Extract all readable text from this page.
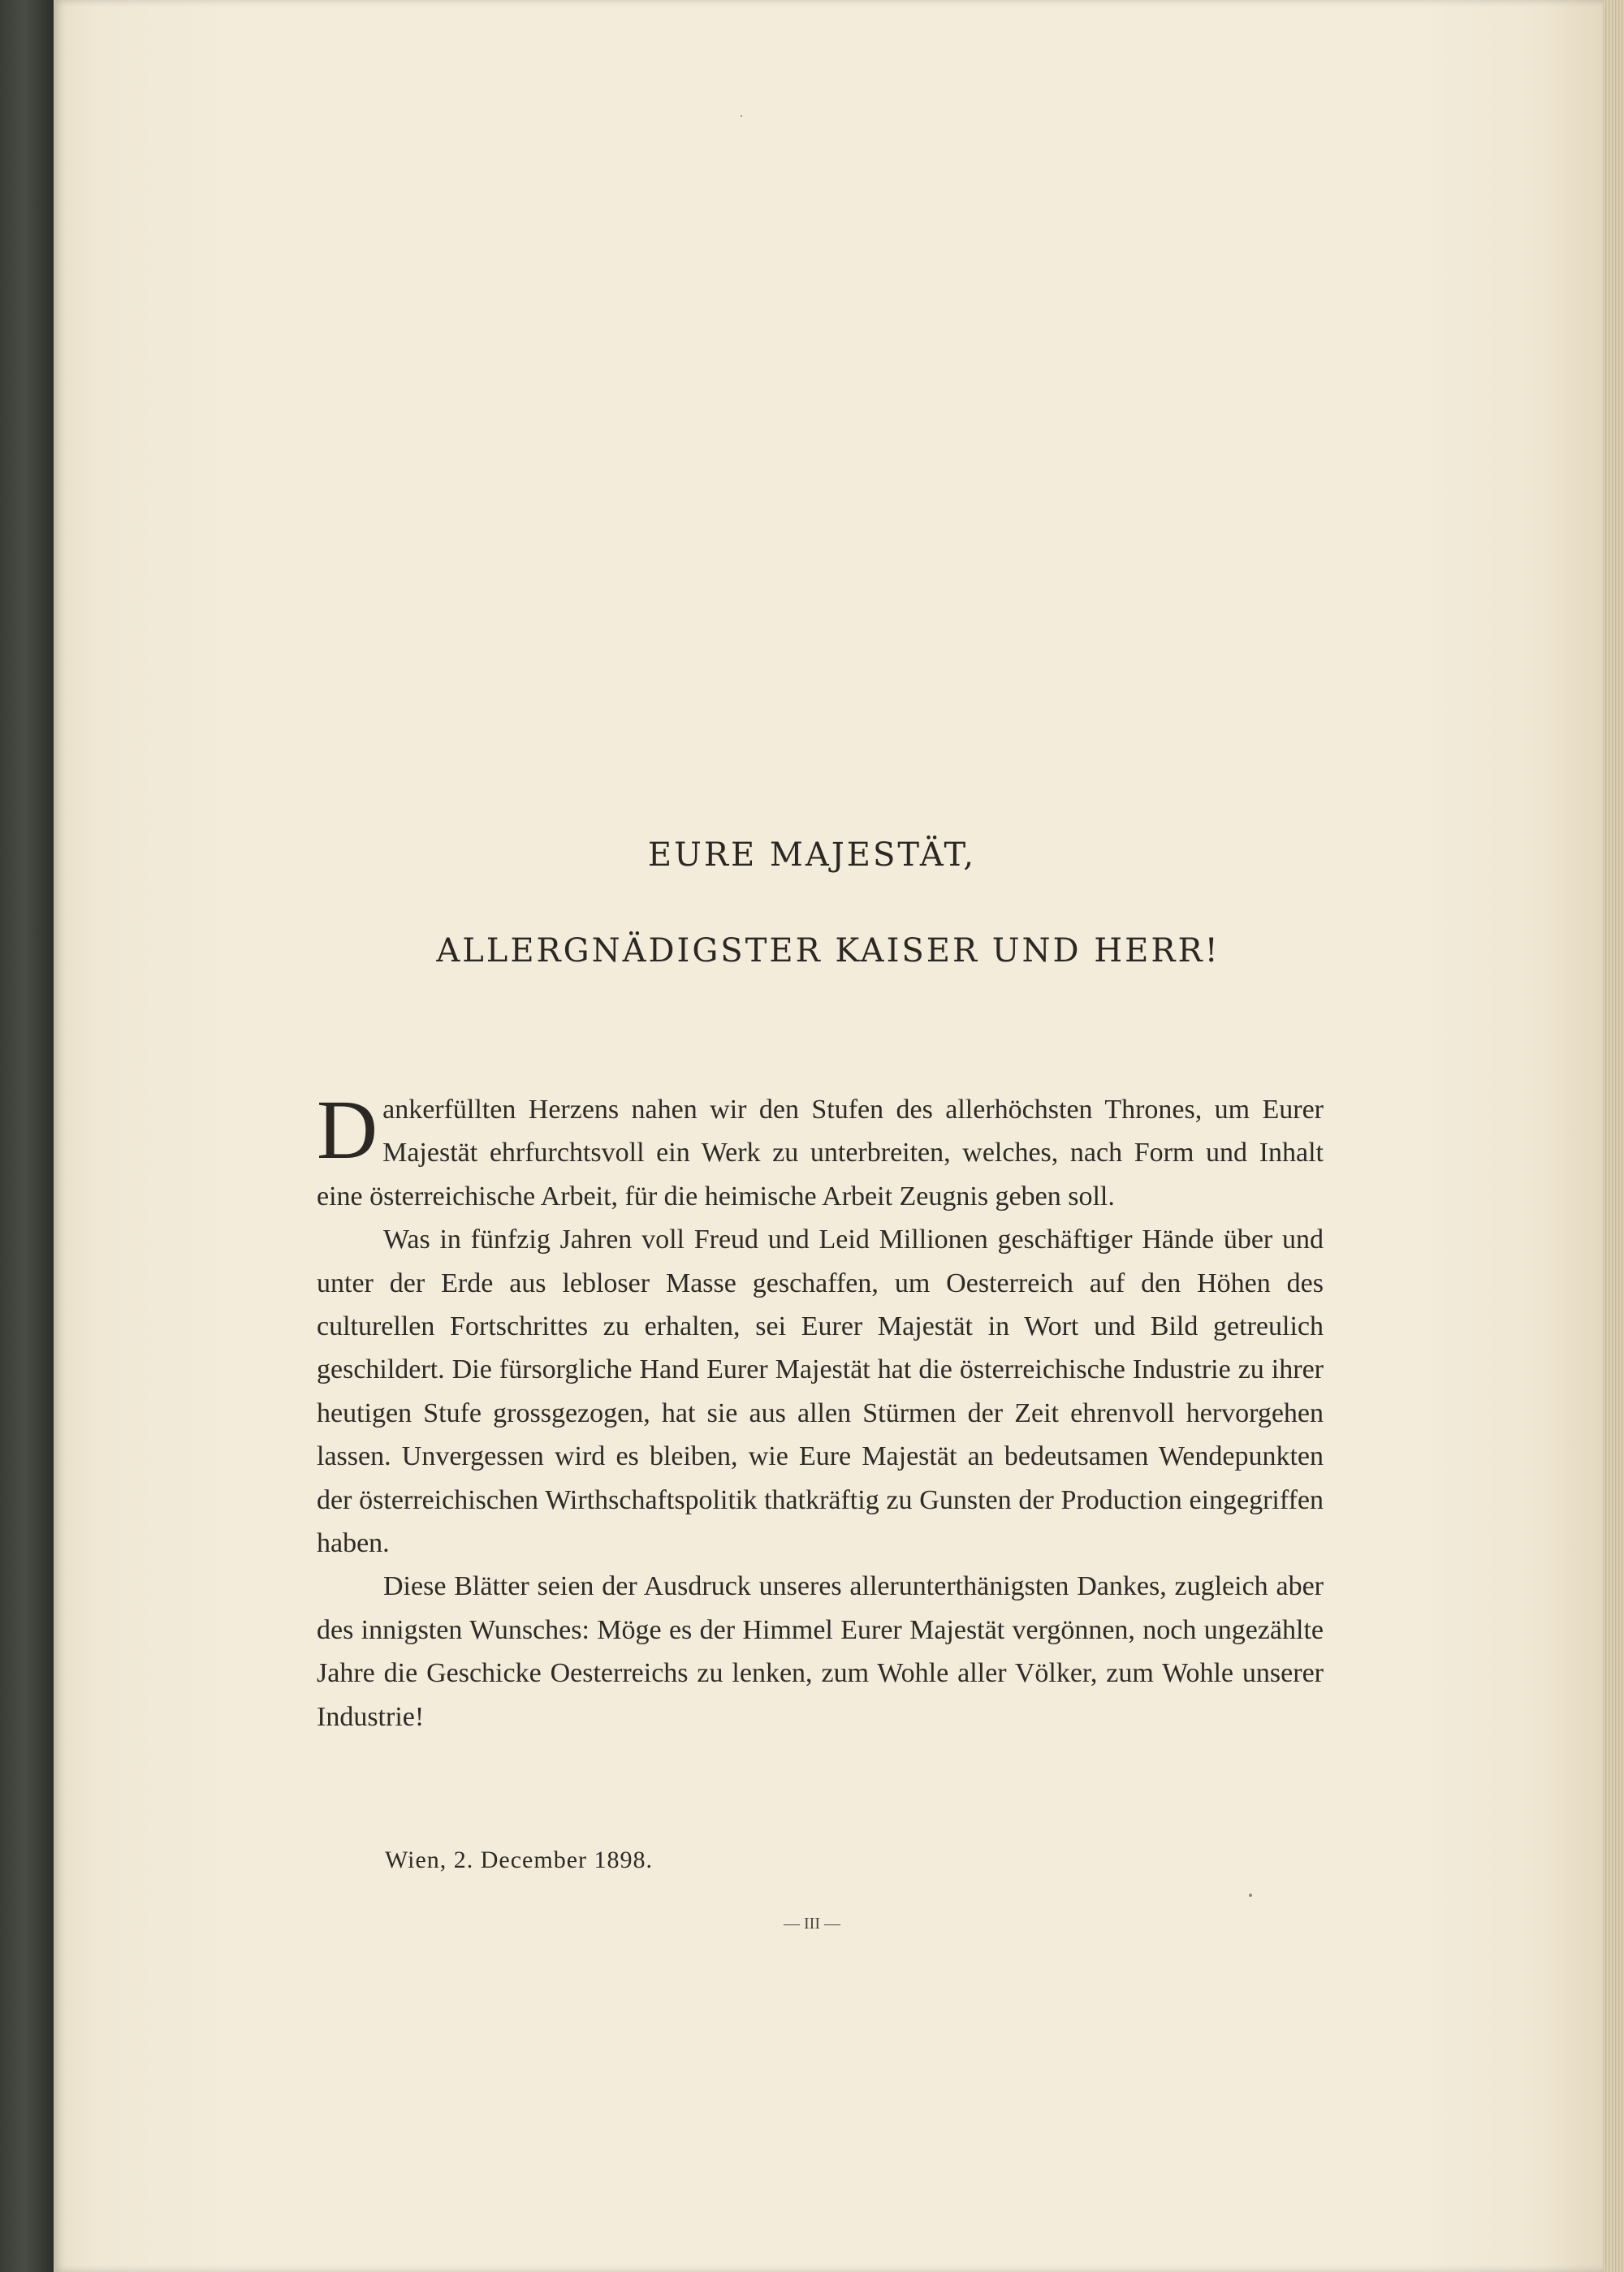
EURE MAJESTÄT,
ALLERGNÄDIGSTER KAISER UND HERR!

Dankerfüllten Herzens nahen wir den Stufen des allerhöchsten Thrones, um Eurer Majestät ehrfurchtsvoll ein Werk zu unterbreiten, welches, nach Form und Inhalt eine österreichische Arbeit, für die heimische Arbeit Zeugnis geben soll.

Was in fünfzig Jahren voll Freud und Leid Millionen geschäftiger Hände über und unter der Erde aus lebloser Masse geschaffen, um Oesterreich auf den Höhen des culturellen Fortschrittes zu erhalten, sei Eurer Majestät in Wort und Bild getreulich geschildert. Die fürsorgliche Hand Eurer Majestät hat die österreichische Industrie zu ihrer heutigen Stufe grossgezogen, hat sie aus allen Stürmen der Zeit ehrenvoll hervorgehen lassen. Unvergessen wird es bleiben, wie Eure Majestät an bedeutsamen Wendepunkten der österreichischen Wirthschaftspolitik thatkräftig zu Gunsten der Production eingegriffen haben.

Diese Blätter seien der Ausdruck unseres allerunterthänigsten Dankes, zugleich aber des innigsten Wunsches: Möge es der Himmel Eurer Majestät vergönnen, noch ungezählte Jahre die Geschicke Oesterreichs zu lenken, zum Wohle aller Völker, zum Wohle unserer Industrie!

Wien, 2. December 1898.

— III —
